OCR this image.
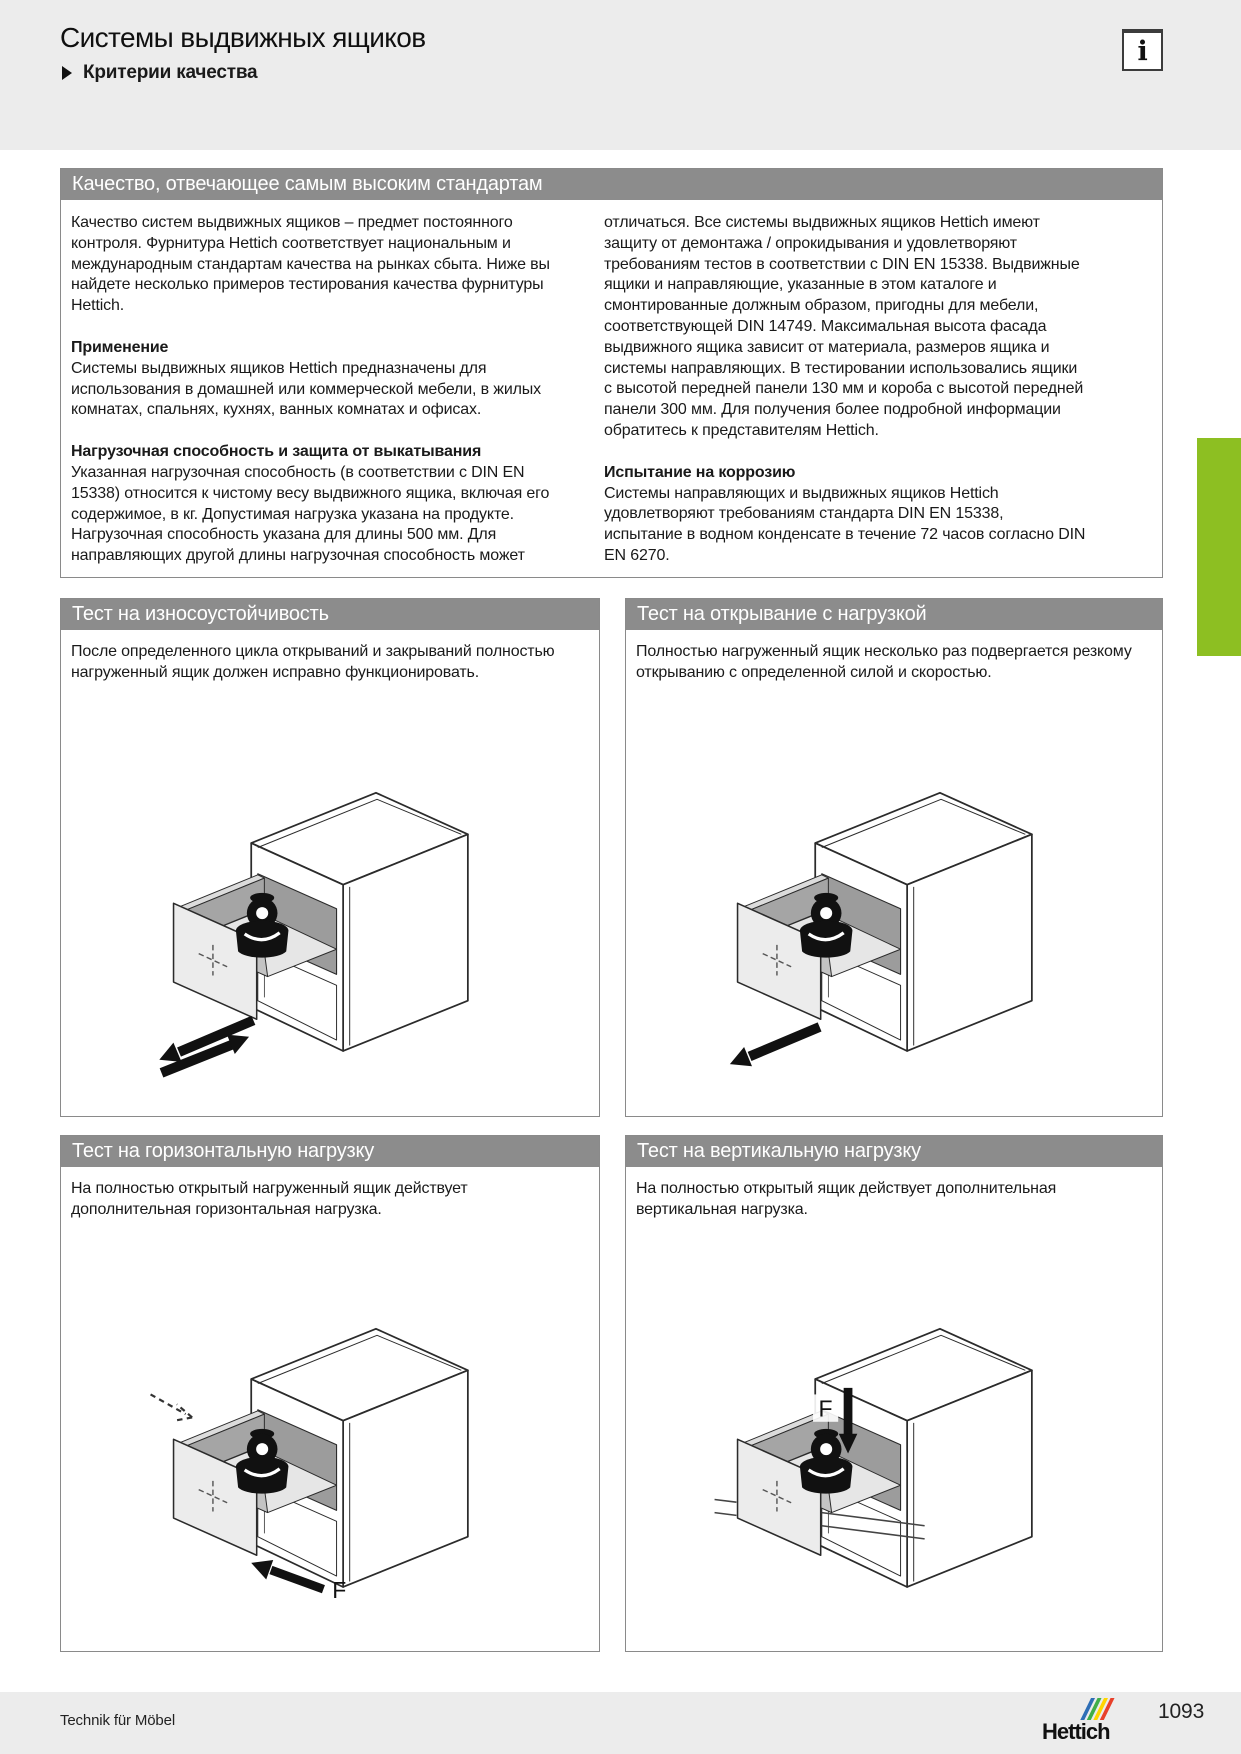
Системы выдвижных ящиков
Критерии качества
i
Качество, отвечающее самым высоким стандартам

Качество систем выдвижных ящиков – предмет постоянного контроля. Фурнитура Hettich соответствует национальным и международным стандартам качества на рынках сбыта. Ниже вы найдете несколько примеров тестирования качества фурнитуры Hettich.

Применение

Системы выдвижных ящиков Hettich предназначены для использования в домашней или коммерческой мебели, в жилых комнатах, спальнях, кухнях, ванных комнатах и офисах.

Нагрузочная способность и защита от выкатывания

Указанная нагрузочная способность (в соответствии с DIN EN 15338) относится к чистому весу выдвижного ящика, включая его содержимое, в кг. Допустимая нагрузка указана на продукте. Нагрузочная способность указана для длины 500 мм. Для направляющих другой длины нагрузочная способность может

отличаться. Все системы выдвижных ящиков Hettich имеют защиту от демонтажа / опрокидывания и удовлетворяют требованиям тестов в соответствии с DIN EN 15338. Выдвижные ящики и направляющие, указанные в этом каталоге и смонтированные должным образом, пригодны для мебели, соответствующей DIN 14749. Максимальная высота фасада выдвижного ящика зависит от материала, размеров ящика и системы направляющих. В тестировании использовались ящики с высотой передней панели 130 мм и короба с высотой передней панели 300 мм. Для получения более подробной информации обратитесь к представителям Hettich.

Испытание на коррозию

Системы направляющих и выдвижных ящиков Hettich удовлетворяют требованиям стандарта DIN EN 15338, испытание в водном конденсате в течение 72 часов согласно DIN EN 6270.

Тест на износоустойчивость
После определенного цикла открываний и закрываний полностью нагруженный ящик должен исправно функционировать.
Тест на открывание с нагрузкой
Полностью нагруженный ящик несколько раз подвергается резкому открыванию с определенной силой и скоростью.
Тест на горизонтальную нагрузку
На полностью открытый нагруженный ящик действует дополнительная горизонтальная нагрузка.
F
Тест на вертикальную нагрузку
На полностью открытый ящик действует дополнительная вертикальная нагрузка.
F
Technik für Möbel	Hettich
1093
